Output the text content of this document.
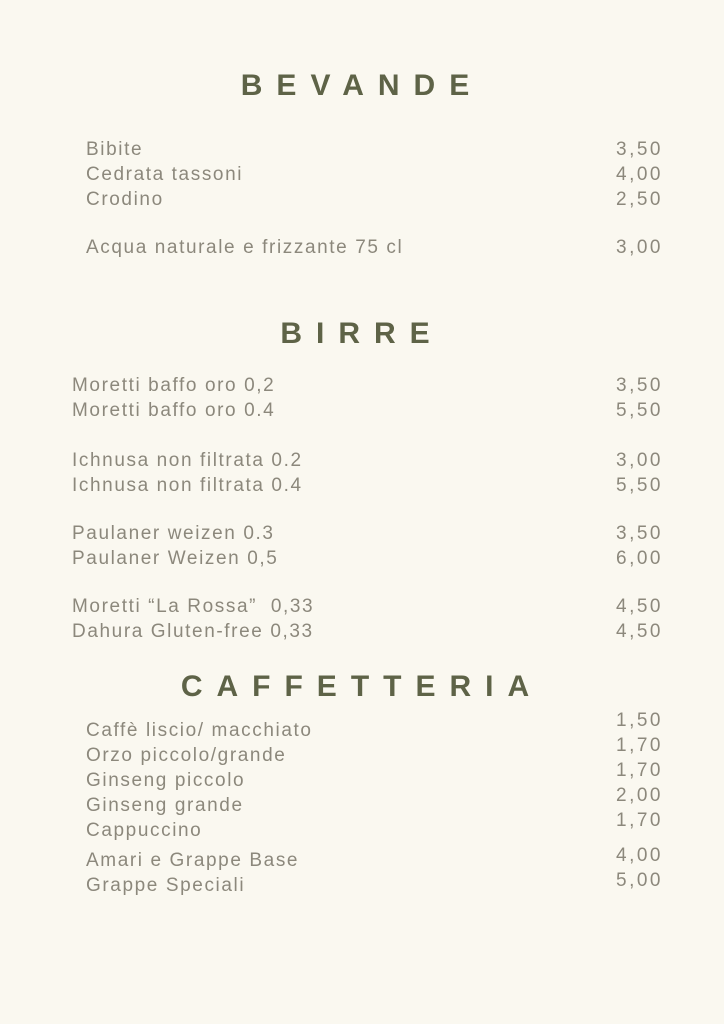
BEVANDE
Bibite	3,50
Cedrata tassoni	4,00
Crodino	2,50
Acqua naturale e frizzante 75 cl	3,00
BIRRE
Moretti baffo oro 0,2	3,50
Moretti baffo oro 0.4	5,50
Ichnusa non filtrata 0.2	3,00
Ichnusa non filtrata 0.4	5,50
Paulaner weizen 0.3	3,50
Paulaner Weizen 0,5	6,00
Moretti “La Rossa”  0,33	4,50
Dahura Gluten-free 0,33	4,50
CAFFETTERIA
Caffè liscio/ macchiato	1,50
Orzo piccolo/grande	1,70
Ginseng piccolo	1,70
Ginseng grande	2,00
Cappuccino	1,70
Amari e Grappe Base	4,00
Grappe Speciali	5,00
